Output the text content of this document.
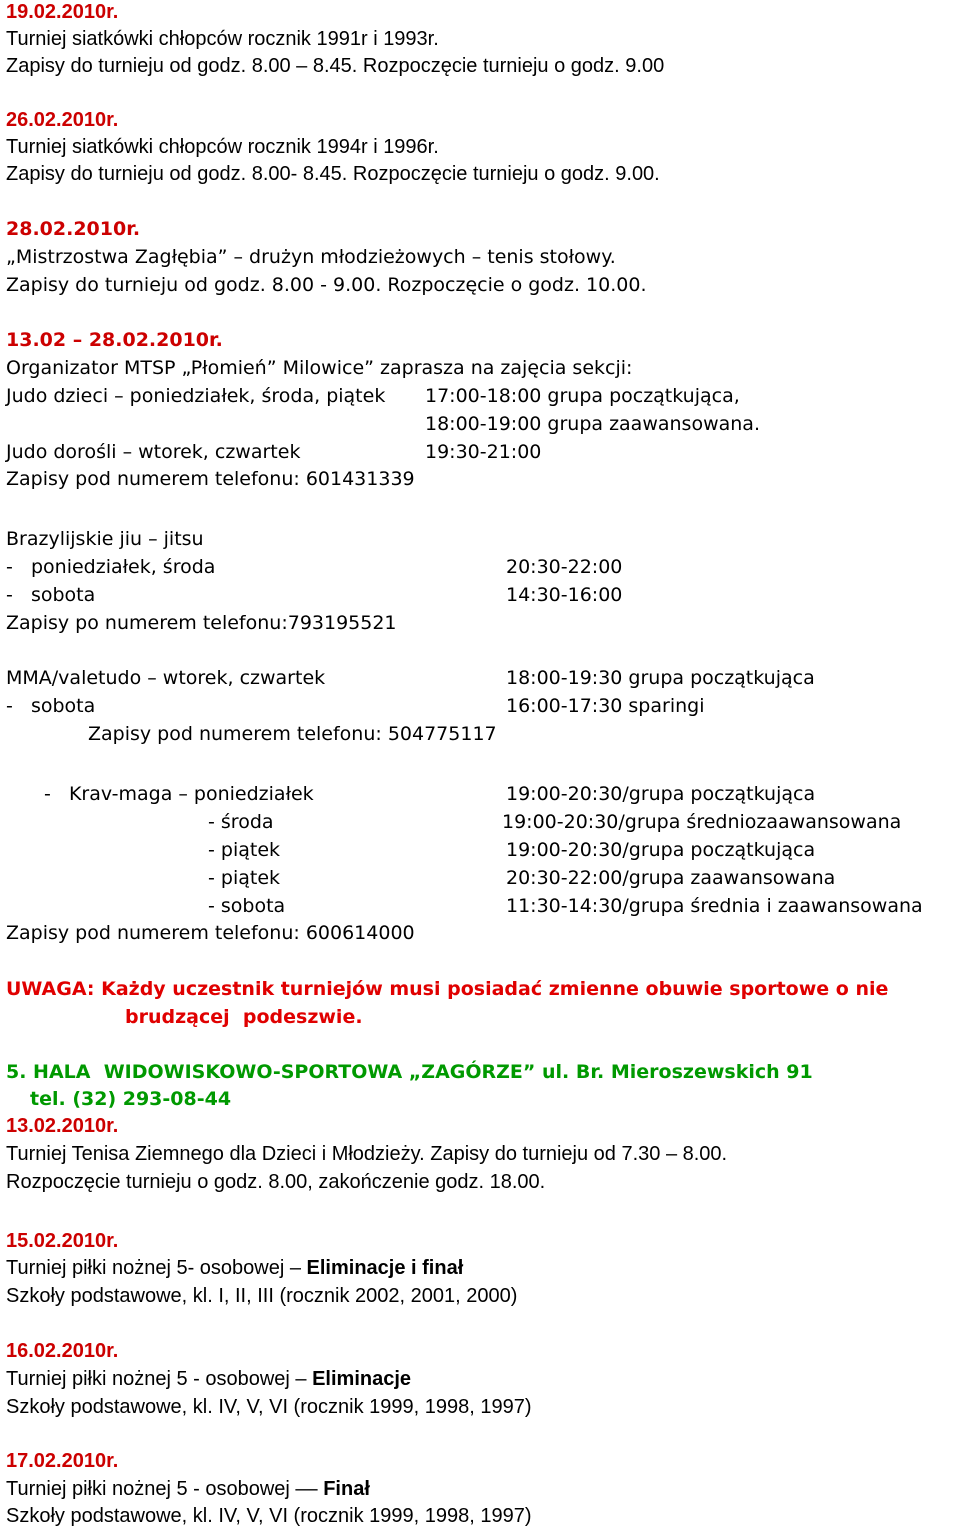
19.02.2010r.
Turniej siatkówki chłopców rocznik 1991r i 1993r.
Zapisy do turnieju od godz. 8.00 – 8.45. Rozpoczęcie turnieju o godz. 9.00
26.02.2010r.
Turniej siatkówki chłopców rocznik 1994r i 1996r.
Zapisy do turnieju od godz. 8.00- 8.45. Rozpoczęcie turnieju o godz. 9.00.
28.02.2010r.
„Mistrzostwa Zagłębia” – drużyn młodzieżowych – tenis stołowy.
Zapisy do turnieju od godz. 8.00 - 9.00. Rozpoczęcie o godz. 10.00.
13.02 – 28.02.2010r.
Organizator MTSP „Płomień” Milowice” zaprasza na zajęcia sekcji:
Judo dzieci – poniedziałek, środa, piątek 17:00-18:00 grupa początkująca,
18:00-19:00 grupa zaawansowana.
Judo dorośli – wtorek, czwartek	19:30-21:00
Zapisy pod numerem telefonu: 601431339
Brazylijskie jiu – jitsu
-   poniedziałek, środa	20:30-22:00
-   sobota	14:30-16:00
Zapisy po numerem telefonu:793195521
MMA/valetudo – wtorek, czwartek	18:00-19:30 grupa początkująca
-   sobota	16:00-17:30 sparingi
Zapisy pod numerem telefonu: 504775117
-   Krav-maga – poniedziałek	19:00-20:30/grupa początkująca
- środa	19:00-20:30/grupa średniozaawansowana
- piątek	19:00-20:30/grupa początkująca
- piątek	20:30-22:00/grupa zaawansowana
- sobota	11:30-14:30/grupa średnia i zaawansowana
Zapisy pod numerem telefonu: 600614000
UWAGA: Każdy uczestnik turniejów musi posiadać zmienne obuwie sportowe o nie
brudzącej  podeszwie.
5. HALA  WIDOWISKOWO-SPORTOWA „ZAGÓRZE” ul. Br. Mieroszewskich 91
tel. (32) 293-08-44
13.02.2010r.
Turniej Tenisa Ziemnego dla Dzieci i Młodzieży. Zapisy do turnieju od 7.30 – 8.00.
Rozpoczęcie turnieju o godz. 8.00, zakończenie godz. 18.00.
15.02.2010r.
Turniej piłki nożnej 5- osobowej – Eliminacje i finał
Szkoły podstawowe, kl. I, II, III (rocznik 2002, 2001, 2000)
16.02.2010r.
Turniej piłki nożnej 5 - osobowej – Eliminacje
Szkoły podstawowe, kl. IV, V, VI (rocznik 1999, 1998, 1997)
17.02.2010r.
Turniej piłki nożnej 5 - osobowej –– Finał
Szkoły podstawowe, kl. IV, V, VI (rocznik 1999, 1998, 1997)
